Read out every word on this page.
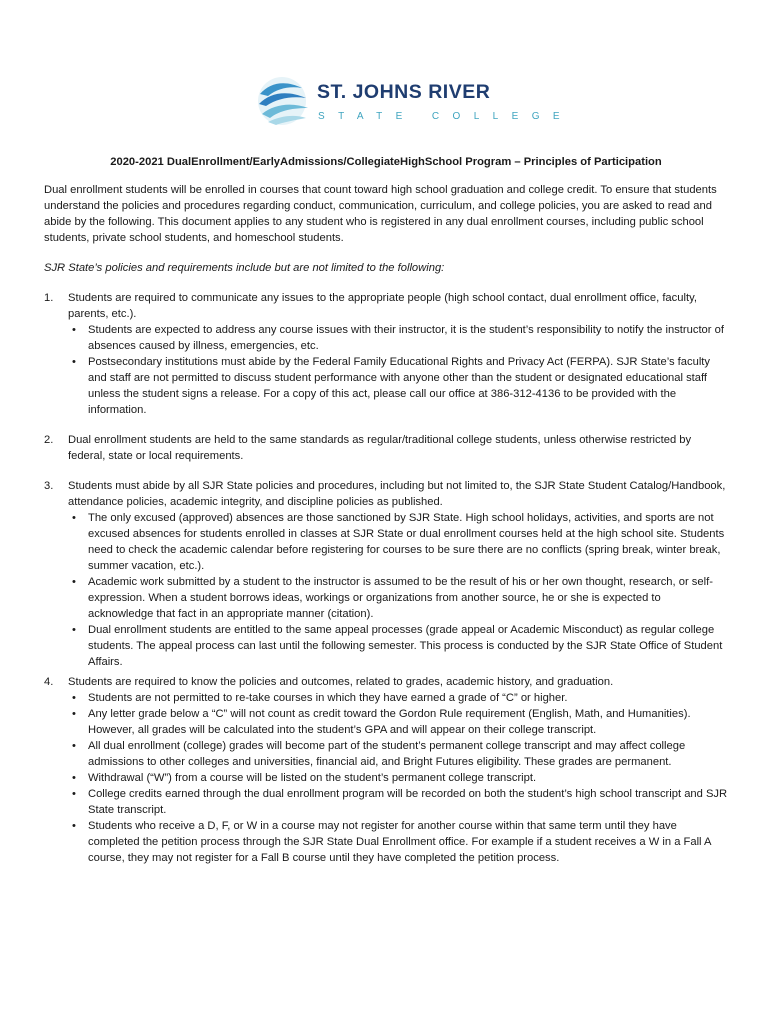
ST. JOHNS RIVER
STATE COLLEGE

2020-2021 DualEnrollment/EarlyAdmissions/CollegiateHighSchool Program – Principles of Participation

Dual enrollment students will be enrolled in courses that count toward high school graduation and college credit. To ensure that students understand the policies and procedures regarding conduct, communication, curriculum, and college policies, you are asked to read and abide by the following. This document applies to any student who is registered in any dual enrollment courses, including public school students, private school students, and homeschool students.

SJR State’s policies and requirements include but are not limited to the following:

1. Students are required to communicate any issues to the appropriate people (high school contact, dual enrollment office, faculty, parents, etc.).
• Students are expected to address any course issues with their instructor, it is the student’s responsibility to notify the instructor of absences caused by illness, emergencies, etc.
• Postsecondary institutions must abide by the Federal Family Educational Rights and Privacy Act (FERPA). SJR State’s faculty and staff are not permitted to discuss student performance with anyone other than the student or designated educational staff unless the student signs a release. For a copy of this act, please call our office at 386-312-4136 to be provided with the information.
2. Dual enrollment students are held to the same standards as regular/traditional college students, unless otherwise restricted by federal, state or local requirements.
3. Students must abide by all SJR State policies and procedures, including but not limited to, the SJR State Student Catalog/Handbook, attendance policies, academic integrity, and discipline policies as published.
• The only excused (approved) absences are those sanctioned by SJR State. High school holidays, activities, and sports are not excused absences for students enrolled in classes at SJR State or dual enrollment courses held at the high school site. Students need to check the academic calendar before registering for courses to be sure there are no conflicts (spring break, winter break, summer vacation, etc.).
• Academic work submitted by a student to the instructor is assumed to be the result of his or her own thought, research, or self-expression. When a student borrows ideas, workings or organizations from another source, he or she is expected to acknowledge that fact in an appropriate manner (citation).
• Dual enrollment students are entitled to the same appeal processes (grade appeal or Academic Misconduct) as regular college students. The appeal process can last until the following semester. This process is conducted by the SJR State Office of Student Affairs.
4. Students are required to know the policies and outcomes, related to grades, academic history, and graduation.
• Students are not permitted to re-take courses in which they have earned a grade of “C” or higher.
• Any letter grade below a “C” will not count as credit toward the Gordon Rule requirement (English, Math, and Humanities). However, all grades will be calculated into the student’s GPA and will appear on their college transcript.
• All dual enrollment (college) grades will become part of the student’s permanent college transcript and may affect college admissions to other colleges and universities, financial aid, and Bright Futures eligibility. These grades are permanent.
• Withdrawal (“W”) from a course will be listed on the student’s permanent college transcript.
• College credits earned through the dual enrollment program will be recorded on both the student’s high school transcript and SJR State transcript.
• Students who receive a D, F, or W in a course may not register for another course within that same term until they have completed the petition process through the SJR State Dual Enrollment office. For example if a student receives a W in a Fall A course, they may not register for a Fall B course until they have completed the petition process.
